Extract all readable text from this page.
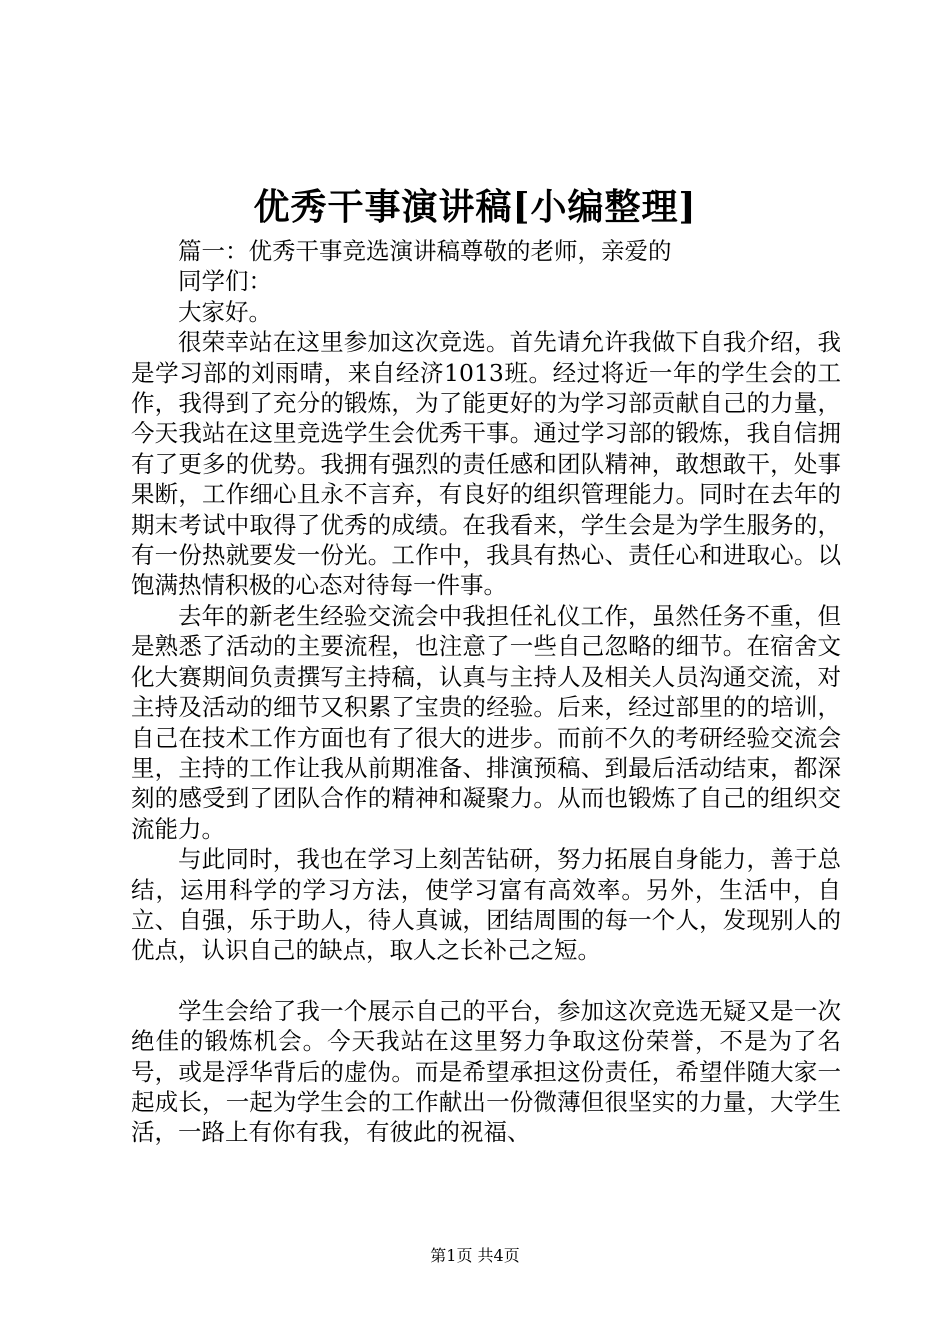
优秀干事演讲稿[小编整理]

篇一：优秀干事竞选演讲稿尊敬的老师，亲爱的

同学们：

大家好。

很荣幸站在这里参加这次竞选。首先请允许我做下自我介绍，我是学习部的刘雨晴，来自经济1013班。经过将近一年的学生会的工作，我得到了充分的锻炼，为了能更好的为学习部贡献自己的力量，今天我站在这里竞选学生会优秀干事。通过学习部的锻炼，我自信拥有了更多的优势。我拥有强烈的责任感和团队精神，敢想敢干，处事果断，工作细心且永不言弃，有良好的组织管理能力。同时在去年的期末考试中取得了优秀的成绩。在我看来，学生会是为学生服务的，有一份热就要发一份光。工作中，我具有热心、责任心和进取心。以饱满热情积极的心态对待每一件事。

去年的新老生经验交流会中我担任礼仪工作，虽然任务不重，但是熟悉了活动的主要流程，也注意了一些自己忽略的细节。在宿舍文化大赛期间负责撰写主持稿，认真与主持人及相关人员沟通交流，对主持及活动的细节又积累了宝贵的经验。后来，经过部里的的培训，自己在技术工作方面也有了很大的进步。而前不久的考研经验交流会里，主持的工作让我从前期准备、排演预稿、到最后活动结束，都深刻的感受到了团队合作的精神和凝聚力。从而也锻炼了自己的组织交流能力。

与此同时，我也在学习上刻苦钻研，努力拓展自身能力，善于总结，运用科学的学习方法，使学习富有高效率。另外，生活中，自立、自强，乐于助人，待人真诚，团结周围的每一个人，发现别人的优点，认识自己的缺点，取人之长补己之短。

学生会给了我一个展示自己的平台，参加这次竞选无疑又是一次绝佳的锻炼机会。今天我站在这里努力争取这份荣誉，不是为了名号，或是浮华背后的虚伪。而是希望承担这份责任，希望伴随大家一起成长，一起为学生会的工作献出一份微薄但很坚实的力量，大学生活，一路上有你有我，有彼此的祝福、

第1页 共4页
